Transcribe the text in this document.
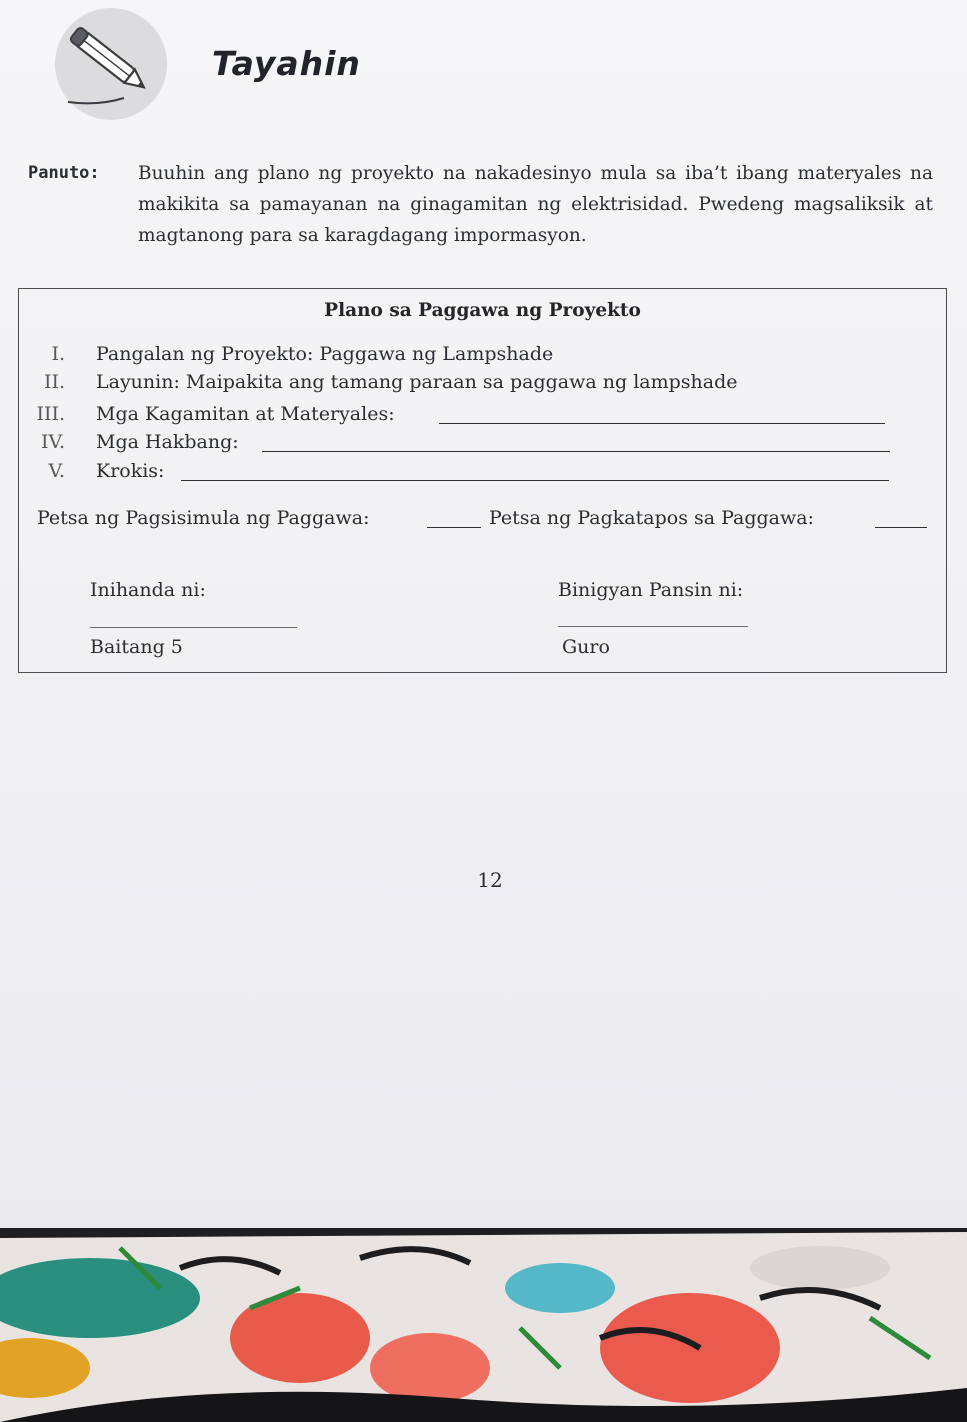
Tayahin
Panuto: Buuhin ang plano ng proyekto na nakadesinyo mula sa iba’t ibang materyales na makikita sa pamayanan na ginagamitan ng elektrisidad. Pwedeng magsaliksik at magtanong para sa karagdagang impormasyon.
Plano sa Paggawa ng Proyekto
I. Pangalan ng Proyekto: Paggawa ng Lampshade
II. Layunin: Maipakita ang tamang paraan sa paggawa ng lampshade
III. Mga Kagamitan at Materyales:
IV. Mga Hakbang:
V. Krokis:
Petsa ng Pagsisimula ng Paggawa:	Petsa ng Pagkatapos sa Paggawa:
Inihanda ni:
Baitang 5
Binigyan Pansin ni:
Guro
12
